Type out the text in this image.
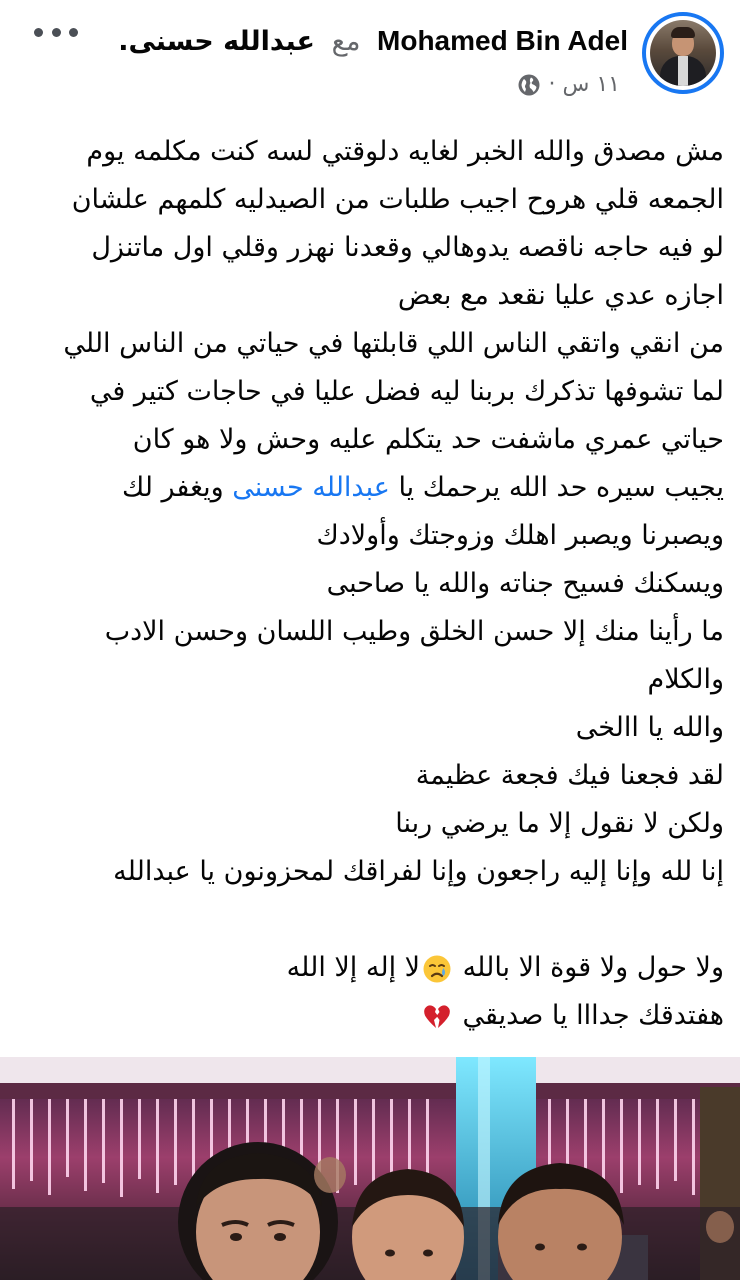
Mohamed Bin Adel مع عبدالله حسنى.
١١ س ·

مش مصدق والله الخبر لغايه دلوقتي لسه كنت مكلمه يوم

الجمعه قلي هروح اجيب طلبات من الصيدليه كلمهم علشان

لو فيه حاجه ناقصه يدوهالي وقعدنا نهزر وقلي اول ماتنزل

اجازه عدي عليا نقعد مع بعض

من انقي واتقي الناس اللي قابلتها في حياتي من الناس اللي

لما تشوفها تذكرك بربنا ليه فضل عليا في حاجات كتير في

حياتي عمري ماشفت حد يتكلم عليه وحش ولا هو كان

يجيب سيره حد الله يرحمك يا عبدالله حسنى ويغفر لك

ويصبرنا ويصبر اهلك وزوجتك وأولادك

ويسكنك فسيح جناته والله يا صاحبى

ما رأينا منك إلا حسن الخلق وطيب اللسان وحسن الادب

والكلام

والله يا االخى

لقد فجعنا فيك فجعة عظيمة

ولكن لا نقول إلا ما يرضي ربنا

إنا لله وإنا إليه راجعون وإنا لفراقك لمحزونون يا عبدالله

ولا حول ولا قوة الا بالله لا إله إلا الله

هفتدقك جدااا يا صديقي
